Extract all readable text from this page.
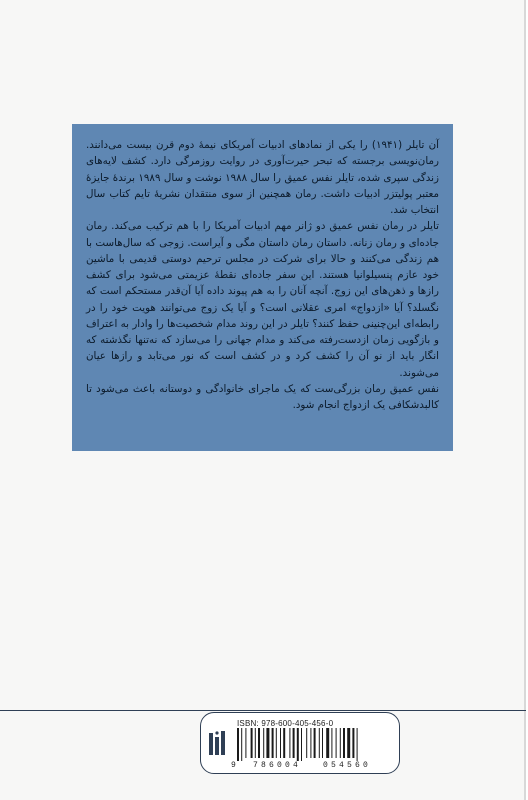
آن تایلر (۱۹۴۱) را یکی از نمادهای ادبیات آمریکای نیمهٔ دوم قرن بیست می‌دانند. رمان‌نویسی برجسته که تبحر حیرت‌آوری در روایت روزمرگی دارد. کشف لایه‌های زندگی سپری شده، تایلر نفس عمیق را سال ۱۹۸۸ نوشت و سال ۱۹۸۹ برندهٔ جایزهٔ معتبر پولیتزر ادبیات داشت. رمان همچنین از سوی منتقدان نشریهٔ تایم کتاب سال انتخاب شد.

تایلر در رمان نفس عمیق دو ژانر مهم ادبیات آمریکا را با هم ترکیب می‌کند. رمان جاده‌ای و رمان زنانه. داستان رمان داستان مگی و آیراست. زوجی که سال‌هاست با هم زندگی می‌کنند و حالا برای شرکت در مجلس ترحیم دوستی قدیمی با ماشین خود عازم پنسیلوانیا هستند. این سفر جاده‌ای نقطهٔ عزیمتی می‌شود برای کشف رازها و ذهن‌های این زوج. آنچه آنان را به هم پیوند داده آیا آن‌قدر مستحکم است که نگسلد؟ آیا «ازدواج» امری عقلانی است؟ و آیا یک زوج می‌توانند هویت خود را در رابطه‌ای این‌چنینی حفظ کنند؟ تایلر در این روند مدام شخصیت‌ها را وادار به اعتراف و بازگویی زمان ازدست‌رفته می‌کند و مدام جهانی را می‌سازد که نه‌تنها نگذشته که انگار باید از نو آن را کشف کرد و در کشف است که نور می‌تابد و رازها عیان می‌شوند.

نفس عمیق رمان بزرگی‌ست که یک ماجرای خانوادگی و دوستانه باعث می‌شود تا کالبدشکافی یک ازدواج انجام شود.

ISBN: 978-600-405-456-0
9 786004	054560
